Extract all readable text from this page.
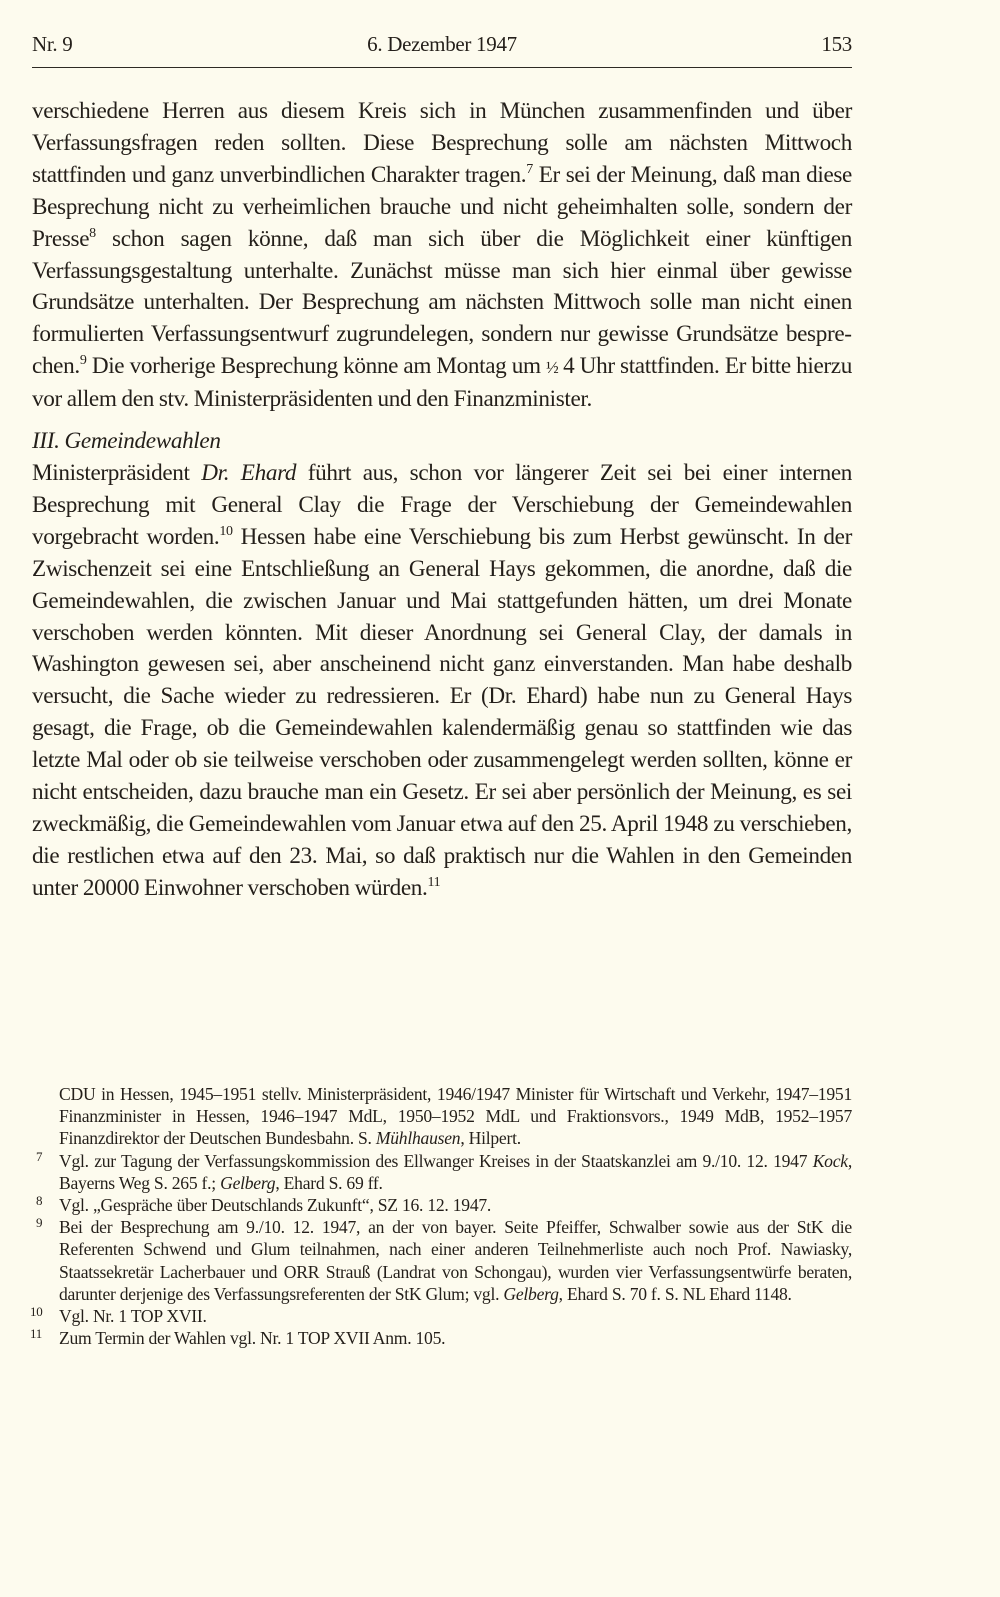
Nr. 9	6. Dezember 1947	153

verschiedene Herren aus diesem Kreis sich in München zusammenfinden und über Verfassungsfragen reden sollten. Diese Besprechung solle am nächsten Mittwoch stattfinden und ganz unverbindlichen Charakter tragen.$^7$ Er sei der Meinung, daß man diese Besprechung nicht zu verheimlichen brauche und nicht geheimhalten solle, sondern der Presse$^8$ schon sagen könne, daß man sich über die Möglichkeit einer künftigen Verfassungsgestaltung unterhalte. Zunächst müsse man sich hier einmal über gewisse Grundsätze unterhalten. Der Besprechung am nächsten Mittwoch solle man nicht einen formulierten Verfassungsentwurf zugrundelegen, sondern nur gewisse Grundsätze besprechen.$^9$ Die vorherige Besprechung könne am Montag um ½ 4 Uhr stattfinden. Er bitte hierzu vor allem den stv. Ministerpräsidenten und den Finanzminister.

III. Gemeindewahlen

Ministerpräsident Dr. Ehard führt aus, schon vor längerer Zeit sei bei einer internen Besprechung mit General Clay die Frage der Verschiebung der Gemeindewahlen vorgebracht worden.$^{10}$ Hessen habe eine Verschiebung bis zum Herbst gewünscht. In der Zwischenzeit sei eine Entschließung an General Hays gekommen, die anordne, daß die Gemeindewahlen, die zwischen Januar und Mai stattgefunden hätten, um drei Monate verschoben werden könnten. Mit dieser Anordnung sei General Clay, der damals in Washington gewesen sei, aber anscheinend nicht ganz einverstanden. Man habe deshalb versucht, die Sache wieder zu redressieren. Er (Dr. Ehard) habe nun zu General Hays gesagt, die Frage, ob die Gemeindewahlen kalendermäßig genau so stattfinden wie das letzte Mal oder ob sie teilweise verschoben oder zusammengelegt werden sollten, könne er nicht entscheiden, dazu brauche man ein Gesetz. Er sei aber persönlich der Meinung, es sei zweckmäßig, die Gemeindewahlen vom Januar etwa auf den 25. April 1948 zu verschieben, die restlichen etwa auf den 23. Mai, so daß praktisch nur die Wahlen in den Gemeinden unter 20000 Einwohner verschoben würden.$^{11}$

CDU in Hessen, 1945–1951 stellv. Ministerpräsident, 1946/1947 Minister für Wirtschaft und Verkehr, 1947–1951 Finanzminister in Hessen, 1946–1947 MdL, 1950–1952 MdL und Fraktionsvors., 1949 MdB, 1952–1957 Finanzdirektor der Deutschen Bundesbahn. S. Mühlhausen, Hilpert.

7 Vgl. zur Tagung der Verfassungskommission des Ellwanger Kreises in der Staatskanzlei am 9./10. 12. 1947 Kock, Bayerns Weg S. 265 f.; Gelberg, Ehard S. 69 ff.

8 Vgl. „Gespräche über Deutschlands Zukunft“, SZ 16. 12. 1947.

9 Bei der Besprechung am 9./10. 12. 1947, an der von bayer. Seite Pfeiffer, Schwalber sowie aus der StK die Referenten Schwend und Glum teilnahmen, nach einer anderen Teilnehmerliste auch noch Prof. Nawiasky, Staatssekretär Lacherbauer und ORR Strauß (Landrat von Schongau), wurden vier Verfassungsentwürfe beraten, darunter derjenige des Verfassungsreferenten der StK Glum; vgl. Gelberg, Ehard S. 70 f. S. NL Ehard 1148.

10 Vgl. Nr. 1 TOP XVII.

11 Zum Termin der Wahlen vgl. Nr. 1 TOP XVII Anm. 105.
